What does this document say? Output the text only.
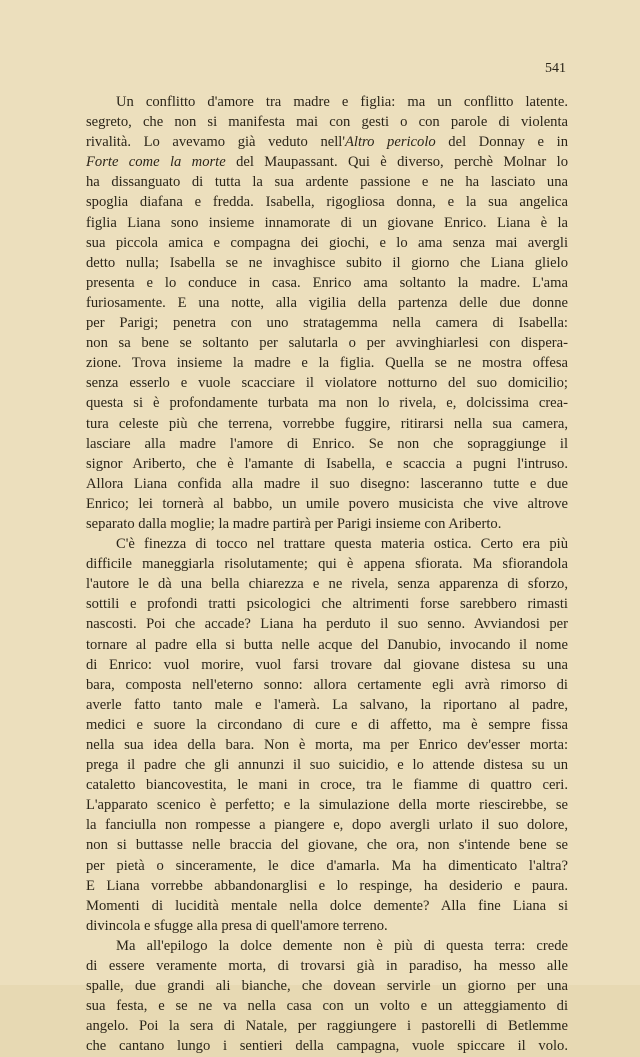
541

Un conflitto d'amore tra madre e figlia: ma un conflitto latente.
segreto, che non si manifesta mai con gesti o con parole di violenta
rivalità. Lo avevamo già veduto nell'Altro pericolo del Donnay e in
Forte come la morte del Maupassant. Qui è diverso, perchè Molnar lo
ha dissanguato di tutta la sua ardente passione e ne ha lasciato una
spoglia diafana e fredda. Isabella, rigogliosa donna, e la sua angelica
figlia Liana sono insieme innamorate di un giovane Enrico. Liana è la
sua piccola amica e compagna dei giochi, e lo ama senza mai avergli
detto nulla; Isabella se ne invaghisce subito il giorno che Liana glielo
presenta e lo conduce in casa. Enrico ama soltanto la madre. L'ama
furiosamente. E una notte, alla vigilia della partenza delle due donne
per Parigi; penetra con uno stratagemma nella camera di Isabella:
non sa bene se soltanto per salutarla o per avvinghiarlesi con dispera-
zione. Trova insieme la madre e la figlia. Quella se ne mostra offesa
senza esserlo e vuole scacciare il violatore notturno del suo domicilio;
questa si è profondamente turbata ma non lo rivela, e, dolcissima crea-
tura celeste più che terrena, vorrebbe fuggire, ritirarsi nella sua camera,
lasciare alla madre l'amore di Enrico. Se non che sopraggiunge il
signor Ariberto, che è l'amante di Isabella, e scaccia a pugni l'intruso.
Allora Liana confida alla madre il suo disegno: lasceranno tutte e due
Enrico; lei tornerà al babbo, un umile povero musicista che vive altrove
separato dalla moglie; la madre partirà per Parigi insieme con Ariberto.

C'è finezza di tocco nel trattare questa materia ostica. Certo era più
difficile maneggiarla risolutamente; qui è appena sfiorata. Ma sfiorandola
l'autore le dà una bella chiarezza e ne rivela, senza apparenza di sforzo,
sottili e profondi tratti psicologici che altrimenti forse sarebbero rimasti
nascosti. Poi che accade? Liana ha perduto il suo senno. Avviandosi per
tornare al padre ella si butta nelle acque del Danubio, invocando il nome
di Enrico: vuol morire, vuol farsi trovare dal giovane distesa su una
bara, composta nell'eterno sonno: allora certamente egli avrà rimorso di
averle fatto tanto male e l'amerà. La salvano, la riportano al padre,
medici e suore la circondano di cure e di affetto, ma è sempre fissa
nella sua idea della bara. Non è morta, ma per Enrico dev'esser morta:
prega il padre che gli annunzi il suo suicidio, e lo attende distesa su un
cataletto biancovestita, le mani in croce, tra le fiamme di quattro ceri.
L'apparato scenico è perfetto; e la simulazione della morte riescirebbe, se
la fanciulla non rompesse a piangere e, dopo avergli urlato il suo dolore,
non si buttasse nelle braccia del giovane, che ora, non s'intende bene se
per pietà o sinceramente, le dice d'amarla. Ma ha dimenticato l'altra?
E Liana vorrebbe abbandonarglisi e lo respinge, ha desiderio e paura.
Momenti di lucidità mentale nella dolce demente? Alla fine Liana si
divincola e sfugge alla presa di quell'amore terreno.

Ma all'epilogo la dolce demente non è più di questa terra: crede
di essere veramente morta, di trovarsi già in paradiso, ha messo alle
spalle, due grandi ali bianche, che dovean servirle un giorno per una
sua festa, e se ne va nella casa con un volto e un atteggiamento di
angelo. Poi la sera di Natale, per raggiungere i pastorelli di Betlemme
che cantano lungo i sentieri della campagna, vuole spiccare il volo.
